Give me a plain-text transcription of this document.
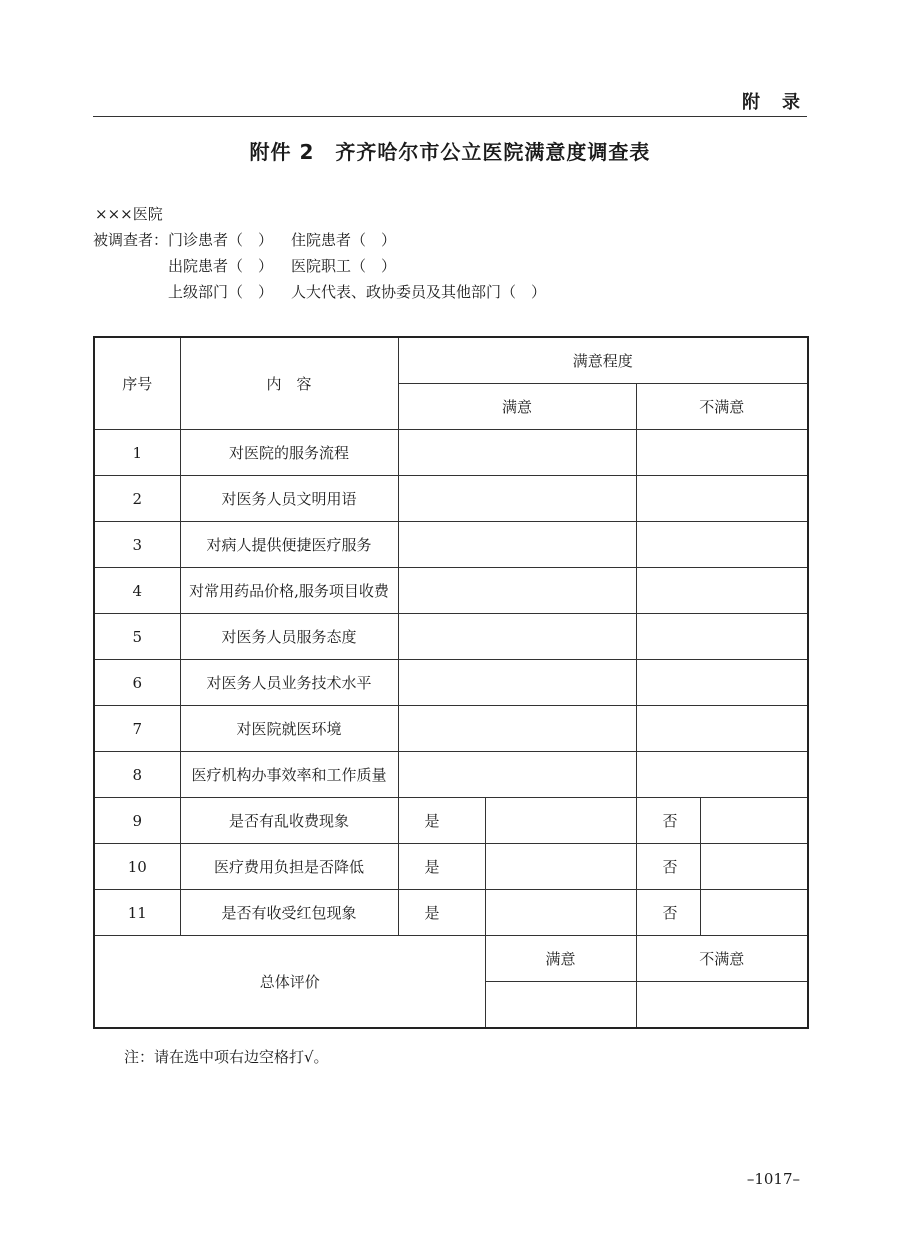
附录
附件 2　齐齐哈尔市公立医院满意度调查表
×××医院
被调查者：门诊患者（　） 住院患者（　）
出院患者（　） 医院职工（　）
上级部门（　） 人大代表、政协委员及其他部门（　）
序号	内　容	满意程度			
		满意		不满意	
1	对医院的服务流程				
2	对医务人员文明用语				
3	对病人提供便捷医疗服务				
4	对常用药品价格,服务项目收费				
5	对医务人员服务态度				
6	对医务人员业务技术水平				
7	对医院就医环境				
8	医疗机构办事效率和工作质量				
9	是否有乱收费现象	是		否	
10	医疗费用负担是否降低	是		否	
11	是否有收受红包现象	是		否	
总体评价			满意	不满意	

注：请在选中项右边空格打√。
–1017–
